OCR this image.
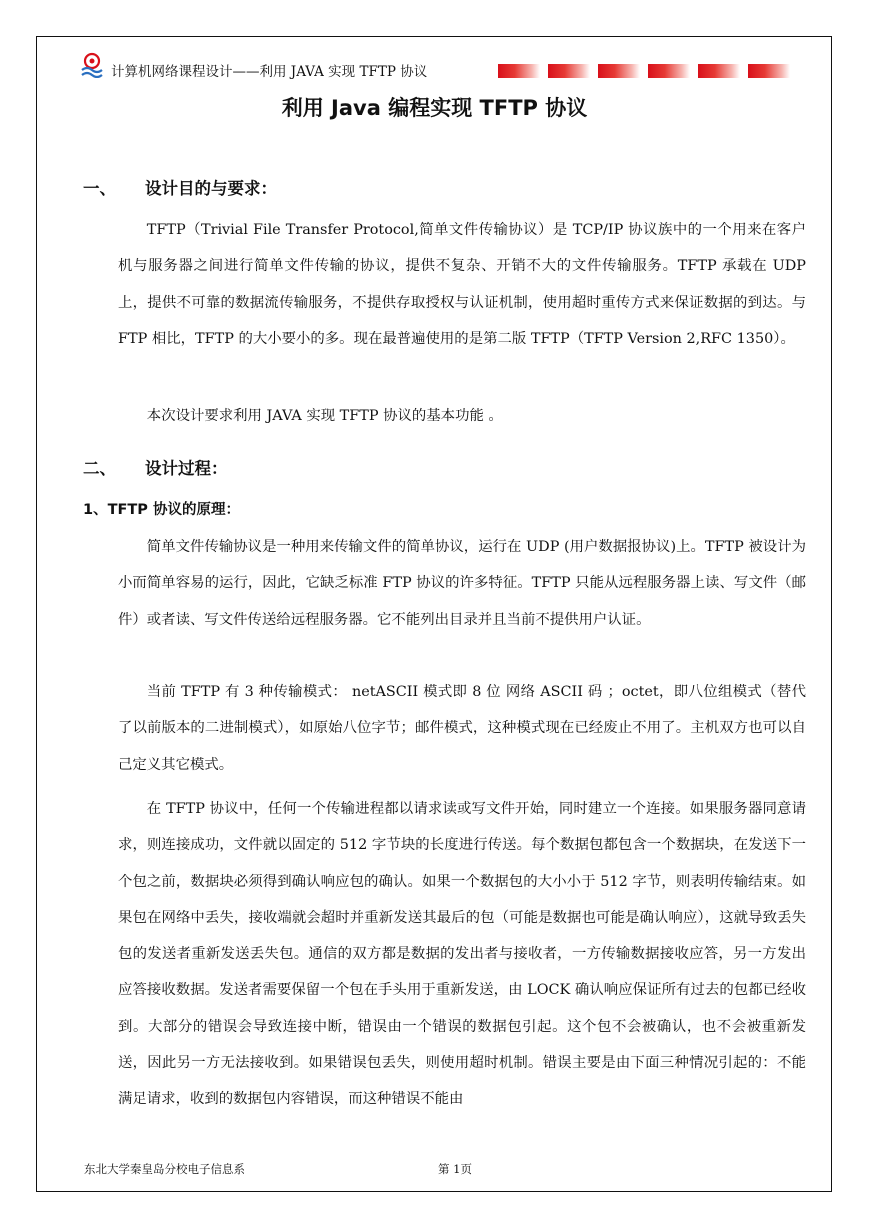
计算机网络课程设计——利用 JAVA 实现 TFTP 协议
利用 Java 编程实现 TFTP 协议
一、 设计目的与要求：

TFTP（Trivial File Transfer Protocol,简单文件传输协议）是 TCP/IP 协议族中的一个用来在客户机与服务器之间进行简单文件传输的协议，提供不复杂、开销不大的文件传输服务。TFTP 承载在 UDP 上，提供不可靠的数据流传输服务，不提供存取授权与认证机制，使用超时重传方式来保证数据的到达。与 FTP 相比，TFTP 的大小要小的多。现在最普遍使用的是第二版 TFTP（TFTP Version 2,RFC 1350）。

本次设计要求利用 JAVA 实现 TFTP 协议的基本功能 。

二、 设计过程：
1、TFTP 协议的原理：

简单文件传输协议是一种用来传输文件的简单协议，运行在 UDP (用户数据报协议)上。TFTP 被设计为小而简单容易的运行，因此，它缺乏标准 FTP 协议的许多特征。TFTP 只能从远程服务器上读、写文件（邮件）或者读、写文件传送给远程服务器。它不能列出目录并且当前不提供用户认证。

当前 TFTP 有 3 种传输模式： netASCII 模式即 8 位 网络 ASCII 码 ；octet，即八位组模式（替代了以前版本的二进制模式），如原始八位字节；邮件模式，这种模式现在已经废止不用了。主机双方也可以自己定义其它模式。

在 TFTP 协议中，任何一个传输进程都以请求读或写文件开始，同时建立一个连接。如果服务器同意请求，则连接成功，文件就以固定的 512 字节块的长度进行传送。每个数据包都包含一个数据块，在发送下一个包之前，数据块必须得到确认响应包的确认。如果一个数据包的大小小于 512 字节，则表明传输结束。如果包在网络中丢失，接收端就会超时并重新发送其最后的包（可能是数据也可能是确认响应），这就导致丢失包的发送者重新发送丢失包。通信的双方都是数据的发出者与接收者，一方传输数据接收应答，另一方发出应答接收数据。发送者需要保留一个包在手头用于重新发送，由 LOCK 确认响应保证所有过去的包都已经收到。大部分的错误会导致连接中断，错误由一个错误的数据包引起。这个包不会被确认，也不会被重新发送，因此另一方无法接收到。如果错误包丢失，则使用超时机制。错误主要是由下面三种情况引起的：不能满足请求，收到的数据包内容错误，而这种错误不能由

东北大学秦皇岛分校电子信息系	第 1页
